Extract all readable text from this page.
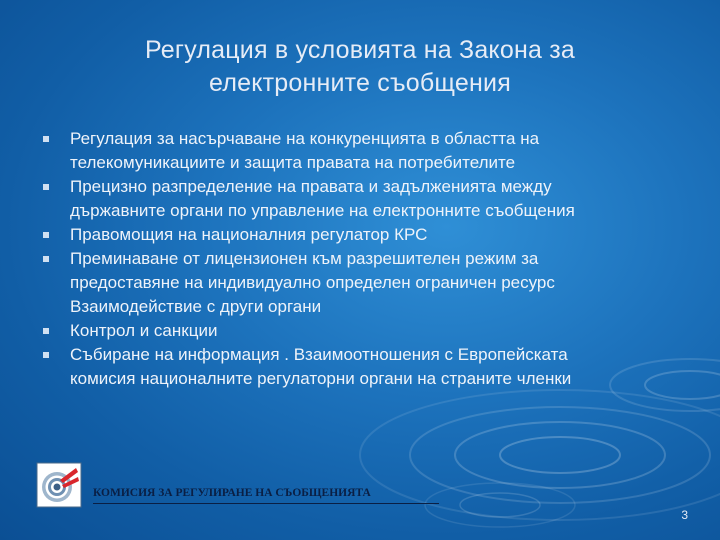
Регулация в условията на Закона за
електронните съобщения
Регулация за насърчаване на конкуренцията в областта на
телекомуникациите и защита правата на потребителите
Прецизно разпределение на правата и задълженията между
държавните органи по управление на електронните съобщения
Правомощия на националния регулатор КРС
Преминаване от лицензионен към разрешителен режим за
предоставяне на индивидуално определен ограничен ресурс
Взаимодействие с други органи
Контрол и санкции
Събиране на информация . Взаимоотношения с Европейската
комисия националните регулаторни органи на страните членки
КОМИСИЯ ЗА РЕГУЛИРАНЕ НА СЪОБЩЕНИЯТА
3
